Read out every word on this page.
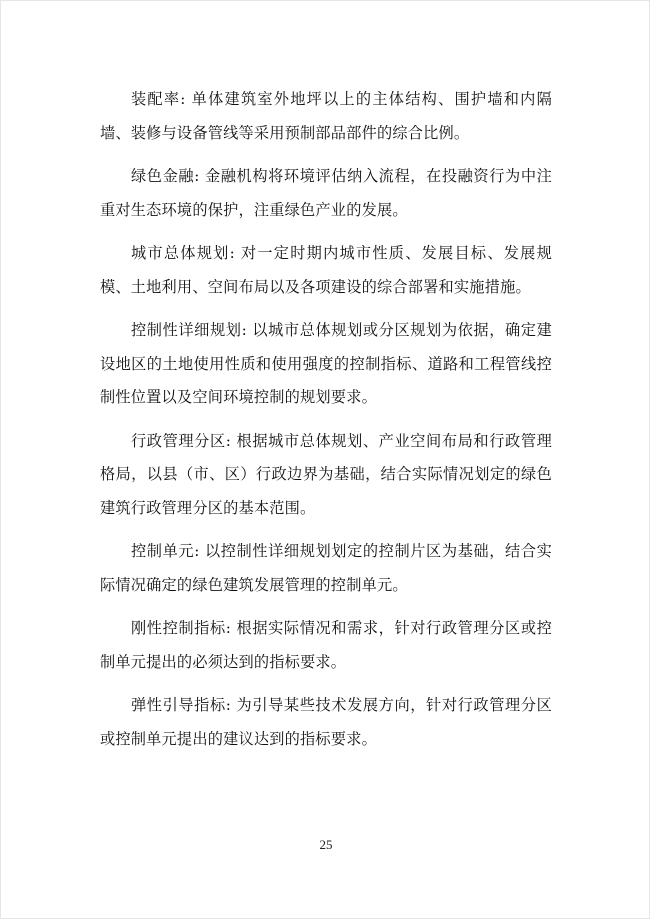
装配率: 单体建筑室外地坪以上的主体结构、围护墙和内隔墙、装修与设备管线等采用预制部品部件的综合比例。

绿色金融: 金融机构将环境评估纳入流程，在投融资行为中注重对生态环境的保护，注重绿色产业的发展。

城市总体规划: 对一定时期内城市性质、发展目标、发展规模、土地利用、空间布局以及各项建设的综合部署和实施措施。

控制性详细规划: 以城市总体规划或分区规划为依据，确定建设地区的土地使用性质和使用强度的控制指标、道路和工程管线控制性位置以及空间环境控制的规划要求。

行政管理分区: 根据城市总体规划、产业空间布局和行政管理格局，以县（市、区）行政边界为基础，结合实际情况划定的绿色建筑行政管理分区的基本范围。

控制单元: 以控制性详细规划划定的控制片区为基础，结合实际情况确定的绿色建筑发展管理的控制单元。

刚性控制指标: 根据实际情况和需求，针对行政管理分区或控制单元提出的必须达到的指标要求。

弹性引导指标: 为引导某些技术发展方向，针对行政管理分区或控制单元提出的建议达到的指标要求。

25
